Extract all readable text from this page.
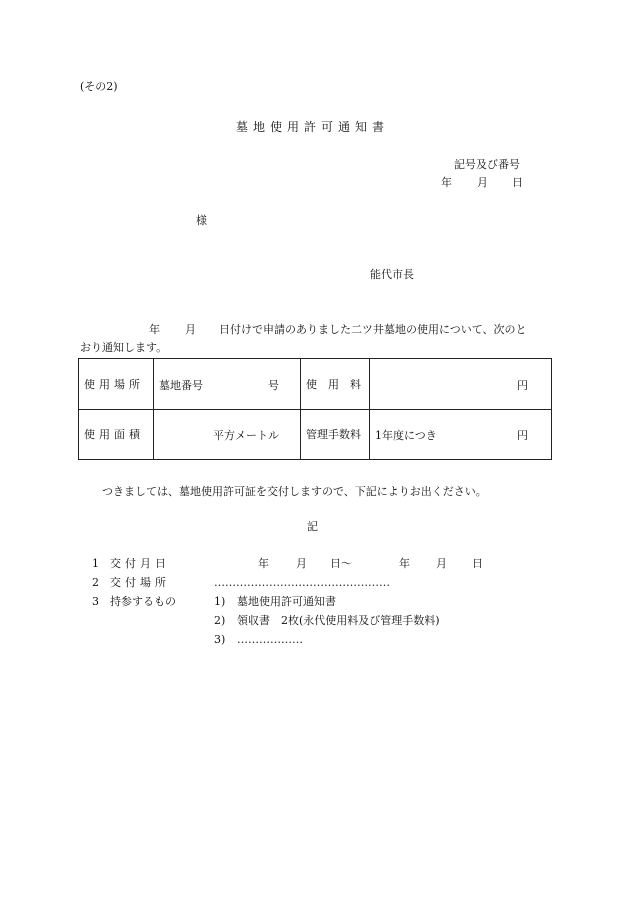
(その2)
墓地使用許可通知書
記号及び番号
年 月 日
様
能代市長
年 月 日付けで申請のありました二ツ井墓地の使用について、次のと
おり通知します。
使用場所	墓地番号 号	使　用　料	円

使用面積	平方メートル	管理手数料	1年度につき 円
つきましては、墓地使用許可証を交付しますので、下記によりお出ください。
記
1 交付月日	年 月 日〜	年 月 日
2 交付場所	…………………………………………
3 持参するもの	1) 墓地使用許可通知書
2) 領収書　2枚(永代使用料及び管理手数料)
3) ………………
